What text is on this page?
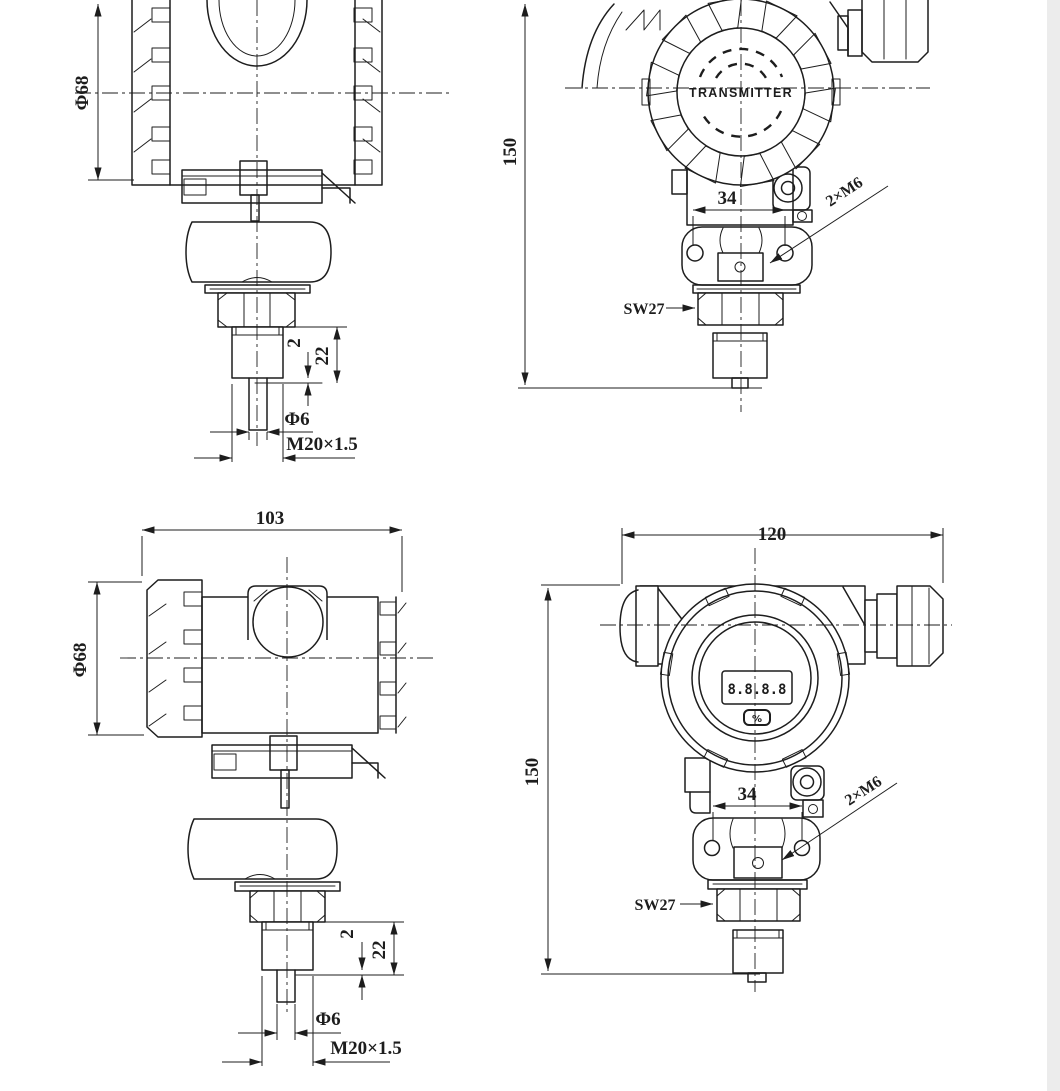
Φ68
2
22
Φ6
M20×1.5
TRANSMITTER
150
34	2×M6
SW27
103
Φ68
2
22
Φ6
M20×1.5
8.8.8.8
%
120
150
34	2×M6
SW27
